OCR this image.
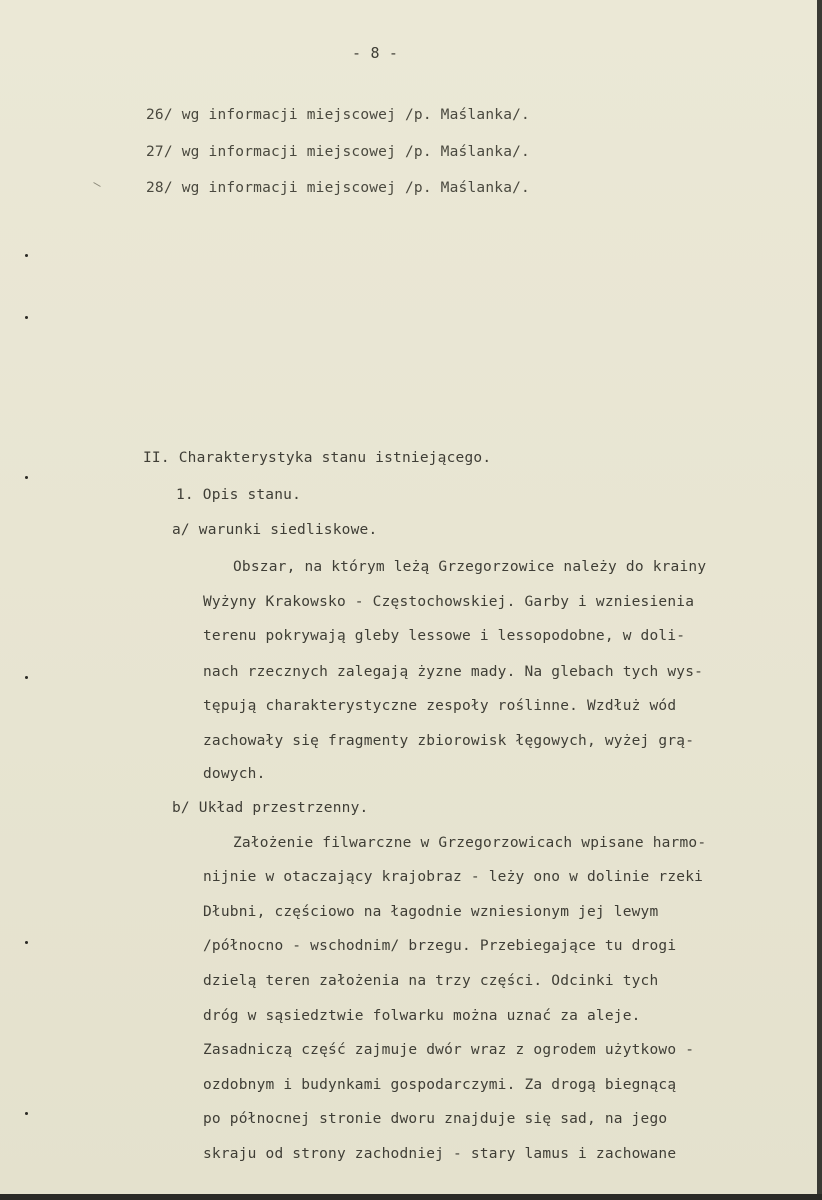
- 8 -
26/ wg informacji miejscowej /p. Maślanka/.
27/ wg informacji miejscowej /p. Maślanka/.
28/ wg informacji miejscowej /p. Maślanka/.
II. Charakterystyka stanu istniejącego.
1. Opis stanu.
a/ warunki siedliskowe.
Obszar, na którym leżą Grzegorzowice należy do krainy
Wyżyny Krakowsko - Częstochowskiej. Garby i wzniesienia
terenu pokrywają gleby lessowe i lessopodobne, w doli-
nach rzecznych zalegają żyzne mady. Na glebach tych wys-
tępują charakterystyczne zespoły roślinne. Wzdłuż wód
zachowały się fragmenty zbiorowisk łęgowych, wyżej grą-
dowych.
b/ Układ przestrzenny.
Założenie filwarczne w Grzegorzowicach wpisane harmo-
nijnie w otaczający krajobraz - leży ono w dolinie rzeki
Dłubni, częściowo na łagodnie wzniesionym jej lewym
/północno - wschodnim/ brzegu. Przebiegające tu drogi
dzielą teren założenia na trzy części. Odcinki tych
dróg w sąsiedztwie folwarku można uznać za aleje.
Zasadniczą część zajmuje dwór wraz z ogrodem użytkowo -
ozdobnym i budynkami gospodarczymi. Za drogą biegnącą
po północnej stronie dworu znajduje się sad, na jego
skraju od strony zachodniej - stary lamus i zachowane
